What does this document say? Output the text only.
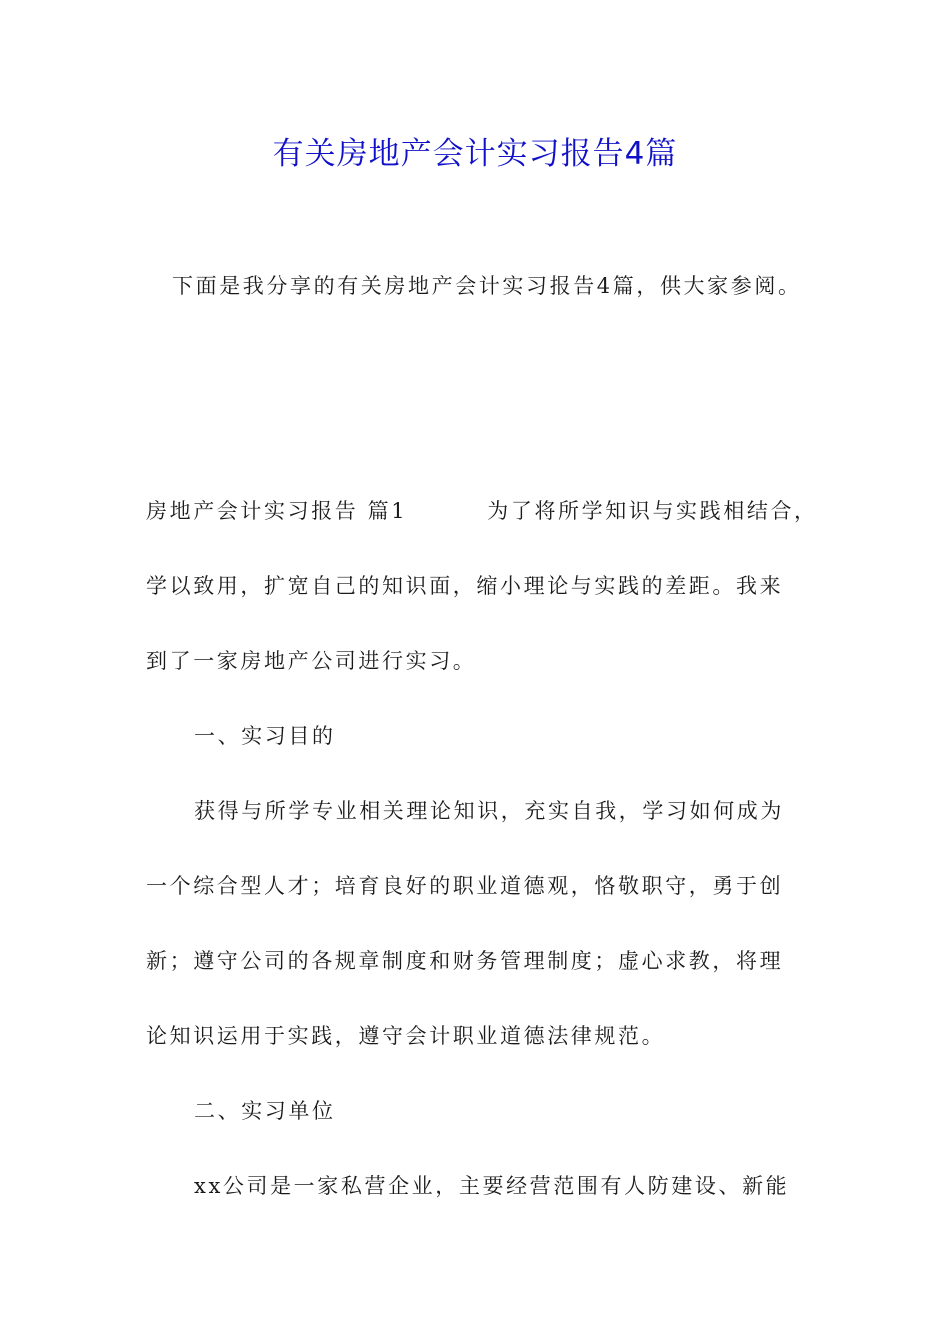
有关房地产会计实习报告4篇

下面是我分享的有关房地产会计实习报告4篇，供大家参阅。

房地产会计实习报告 篇1	为了将所学知识与实践相结合，

学以致用，扩宽自己的知识面，缩小理论与实践的差距。我来

到了一家房地产公司进行实习。

一、实习目的

获得与所学专业相关理论知识，充实自我，学习如何成为

一个综合型人才；培育良好的职业道德观，恪敬职守，勇于创

新；遵守公司的各规章制度和财务管理制度；虚心求教，将理

论知识运用于实践，遵守会计职业道德法律规范。

二、实习单位

xx公司是一家私营企业，主要经营范围有人防建设、新能
